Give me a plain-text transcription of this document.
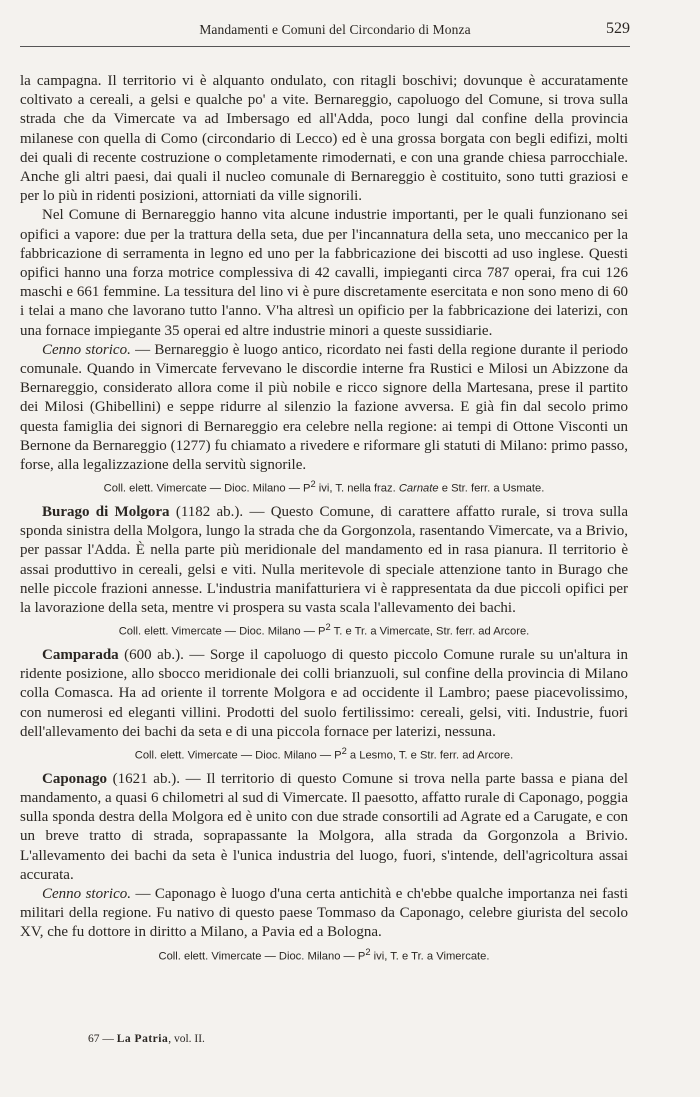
Mandamenti e Comuni del Circondario di Monza	529

la campagna. Il territorio vi è alquanto ondulato, con ritagli boschivi; dovunque è accuratamente coltivato a cereali, a gelsi e qualche po' a vite. Bernareggio, capoluogo del Comune, si trova sulla strada che da Vimercate va ad Imbersago ed all'Adda, poco lungi dal confine della provincia milanese con quella di Como (circondario di Lecco) ed è una grossa borgata con begli edifizi, molti dei quali di recente costruzione o completamente rimodernati, e con una grande chiesa parrocchiale. Anche gli altri paesi, dai quali il nucleo comunale di Bernareggio è costituito, sono tutti graziosi e per lo più in ridenti posizioni, attorniati da ville signorili.

Nel Comune di Bernareggio hanno vita alcune industrie importanti, per le quali funzionano sei opifici a vapore: due per la trattura della seta, due per l'incannatura della seta, uno meccanico per la fabbricazione di serramenta in legno ed uno per la fabbricazione dei biscotti ad uso inglese. Questi opifici hanno una forza motrice complessiva di 42 cavalli, impieganti circa 787 operai, fra cui 126 maschi e 661 femmine. La tessitura del lino vi è pure discretamente esercitata e non sono meno di 60 i telai a mano che lavorano tutto l'anno. V'ha altresì un opificio per la fabbricazione dei laterizi, con una fornace impiegante 35 operai ed altre industrie minori a queste sussidiarie.

Cenno storico. — Bernareggio è luogo antico, ricordato nei fasti della regione durante il periodo comunale. Quando in Vimercate fervevano le discordie interne fra Rustici e Milosi un Abizzone da Bernareggio, considerato allora come il più nobile e ricco signore della Martesana, prese il partito dei Milosi (Ghibellini) e seppe ridurre al silenzio la fazione avversa. E già fin dal secolo primo questa famiglia dei signori di Bernareggio era celebre nella regione: ai tempi di Ottone Visconti un Bernone da Bernareggio (1277) fu chiamato a rivedere e riformare gli statuti di Milano: primo passo, forse, alla legalizzazione della servitù signorile.

Coll. elett. Vimercate — Dioc. Milano — $P^2$ ivi, T. nella fraz. Carnate e Str. ferr. a Usmate.

Burago di Molgora (1182 ab.). — Questo Comune, di carattere affatto rurale, si trova sulla sponda sinistra della Molgora, lungo la strada che da Gorgonzola, rasentando Vimercate, va a Brivio, per passar l'Adda. È nella parte più meridionale del mandamento ed in rasa pianura. Il territorio è assai produttivo in cereali, gelsi e viti. Nulla meritevole di speciale attenzione tanto in Burago che nelle piccole frazioni annesse. L'industria manifatturiera vi è rappresentata da due piccoli opifici per la lavorazione della seta, mentre vi prospera su vasta scala l'allevamento dei bachi.

Coll. elett. Vimercate — Dioc. Milano — $P^2$ T. e Tr. a Vimercate, Str. ferr. ad Arcore.

Camparada (600 ab.). — Sorge il capoluogo di questo piccolo Comune rurale su un'altura in ridente posizione, allo sbocco meridionale dei colli brianzuoli, sul confine della provincia di Milano colla Comasca. Ha ad oriente il torrente Molgora e ad occidente il Lambro; paese piacevolissimo, con numerosi ed eleganti villini. Prodotti del suolo fertilissimo: cereali, gelsi, viti. Industrie, fuori dell'allevamento dei bachi da seta e di una piccola fornace per laterizi, nessuna.

Coll. elett. Vimercate — Dioc. Milano — $P^2$ a Lesmo, T. e Str. ferr. ad Arcore.

Caponago (1621 ab.). — Il territorio di questo Comune si trova nella parte bassa e piana del mandamento, a quasi 6 chilometri al sud di Vimercate. Il paesotto, affatto rurale di Caponago, poggia sulla sponda destra della Molgora ed è unito con due strade consortili ad Agrate ed a Carugate, e con un breve tratto di strada, soprapassante la Molgora, alla strada da Gorgonzola a Brivio. L'allevamento dei bachi da seta è l'unica industria del luogo, fuori, s'intende, dell'agricoltura assai accurata.

Cenno storico. — Caponago è luogo d'una certa antichità e ch'ebbe qualche importanza nei fasti militari della regione. Fu nativo di questo paese Tommaso da Caponago, celebre giurista del secolo XV, che fu dottore in diritto a Milano, a Pavia ed a Bologna.

Coll. elett. Vimercate — Dioc. Milano — $P^2$ ivi, T. e Tr. a Vimercate.
67 — La Patria, vol. II.
